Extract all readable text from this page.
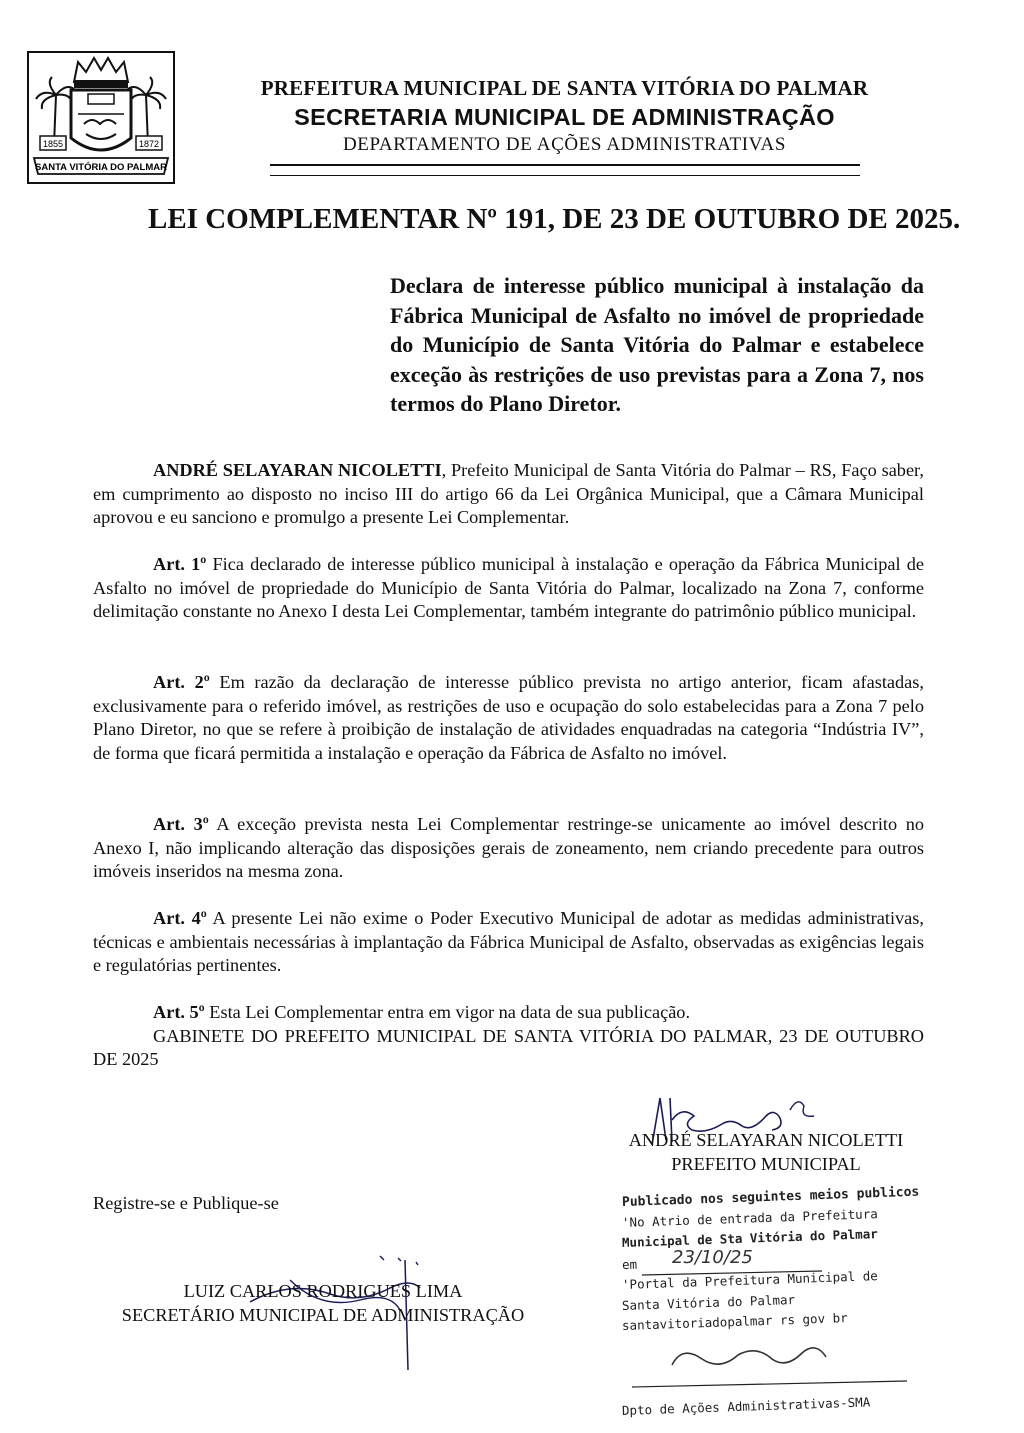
1855	1872
SANTA VITÓRIA DO PALMAR
PREFEITURA MUNICIPAL DE SANTA VITÓRIA DO PALMAR
SECRETARIA MUNICIPAL DE ADMINISTRAÇÃO
DEPARTAMENTO DE AÇÕES ADMINISTRATIVAS
LEI COMPLEMENTAR Nº 191, DE 23 DE OUTUBRO DE 2025.
Declara de interesse público municipal à instalação da Fábrica Municipal de Asfalto no imóvel de propriedade do Município de Santa Vitória do Palmar e estabelece exceção às restrições de uso previstas para a Zona 7, nos termos do Plano Diretor.
ANDRÉ SELAYARAN NICOLETTI, Prefeito Municipal de Santa Vitória do Palmar – RS, Faço saber, em cumprimento ao disposto no inciso III do artigo 66 da Lei Orgânica Municipal, que a Câmara Municipal aprovou e eu sanciono e promulgo a presente Lei Complementar.
Art. 1º Fica declarado de interesse público municipal à instalação e operação da Fábrica Municipal de Asfalto no imóvel de propriedade do Município de Santa Vitória do Palmar, localizado na Zona 7, conforme delimitação constante no Anexo I desta Lei Complementar, também integrante do patrimônio público municipal.
Art. 2º Em razão da declaração de interesse público prevista no artigo anterior, ficam afastadas, exclusivamente para o referido imóvel, as restrições de uso e ocupação do solo estabelecidas para a Zona 7 pelo Plano Diretor, no que se refere à proibição de instalação de atividades enquadradas na categoria “Indústria IV”, de forma que ficará permitida a instalação e operação da Fábrica de Asfalto no imóvel.
Art. 3º A exceção prevista nesta Lei Complementar restringe-se unicamente ao imóvel descrito no Anexo I, não implicando alteração das disposições gerais de zoneamento, nem criando precedente para outros imóveis inseridos na mesma zona.
Art. 4º A presente Lei não exime o Poder Executivo Municipal de adotar as medidas administrativas, técnicas e ambientais necessárias à implantação da Fábrica Municipal de Asfalto, observadas as exigências legais e regulatórias pertinentes.
Art. 5º Esta Lei Complementar entra em vigor na data de sua publicação.
GABINETE DO PREFEITO MUNICIPAL DE SANTA VITÓRIA DO PALMAR, 23 DE OUTUBRO DE 2025
ANDRÉ SELAYARAN NICOLETTI
PREFEITO MUNICIPAL
Registre-se e Publique-se
LUIZ CARLOS RODRIGUES LIMA
SECRETÁRIO MUNICIPAL DE ADMINISTRAÇÃO
Publicado nos seguintes meios publicos
'No Atrio de entrada da Prefeitura
Municipal de Sta Vitória do Palmar
em 23/10/25
'Portal da Prefeitura Municipal de
Santa Vitória do Palmar
santavitoriadopalmar rs gov br
Dpto de Ações Administrativas-SMA
